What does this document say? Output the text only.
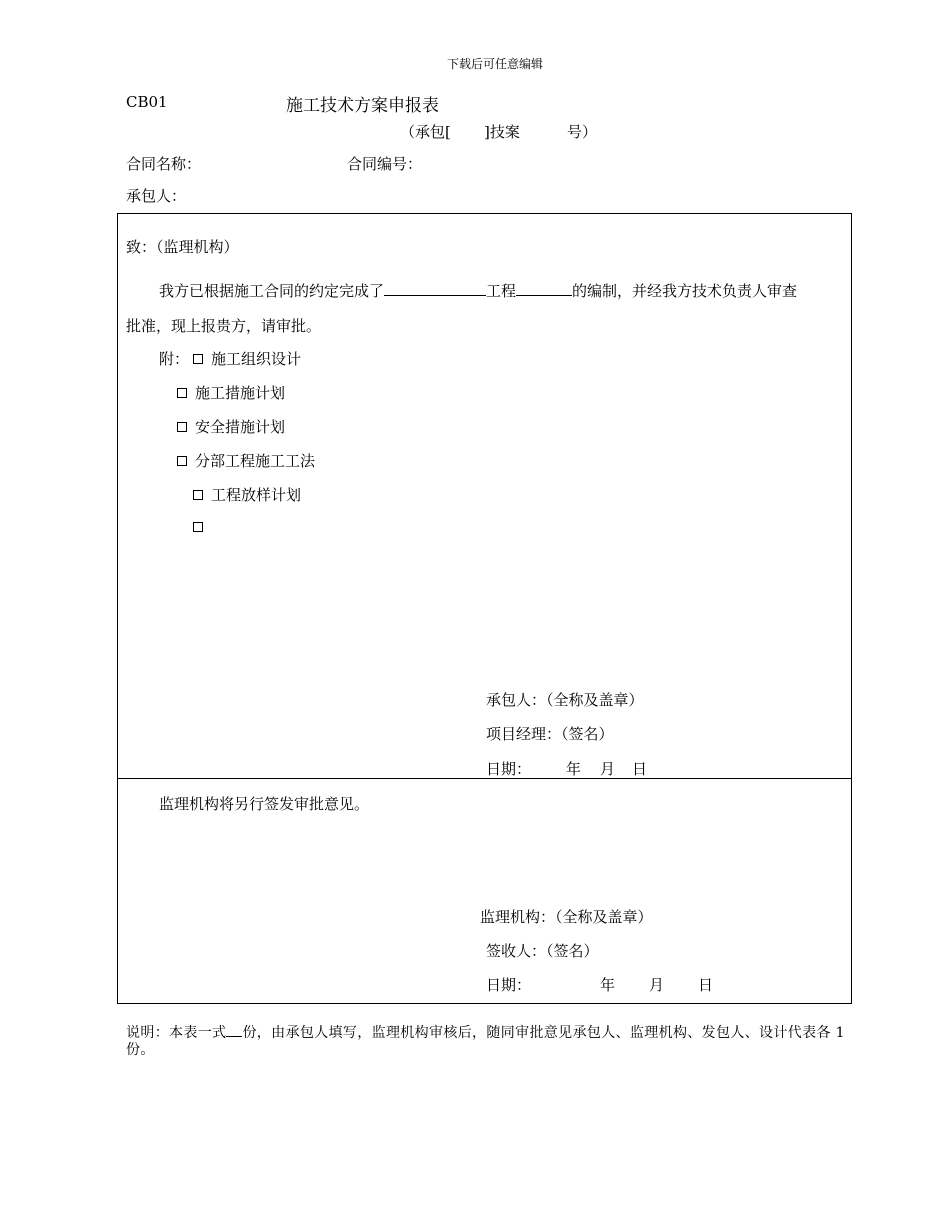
下载后可任意编辑
CB01	施工技术方案申报表
（承包[ ]技案	号）
合同名称：	合同编号：
承包人：
致：（监理机构）
我方已根据施工合同的约定完成了	工程	的编制，并经我方技术负责人审查
批准，现上报贵方，请审批。
附：	施工组织设计
施工措施计划
安全措施计划
分部工程施工工法
工程放样计划
承包人：（全称及盖章）
项目经理：（签名）
日期： 年 月 日
监理机构将另行签发审批意见。
监理机构：（全称及盖章）
签收人：（签名）
日期：	年 月 日
说明：本表一式 份，由承包人填写，监理机构审核后，随同审批意见承包人、监理机构、发包人、设计代表各 1 份。
